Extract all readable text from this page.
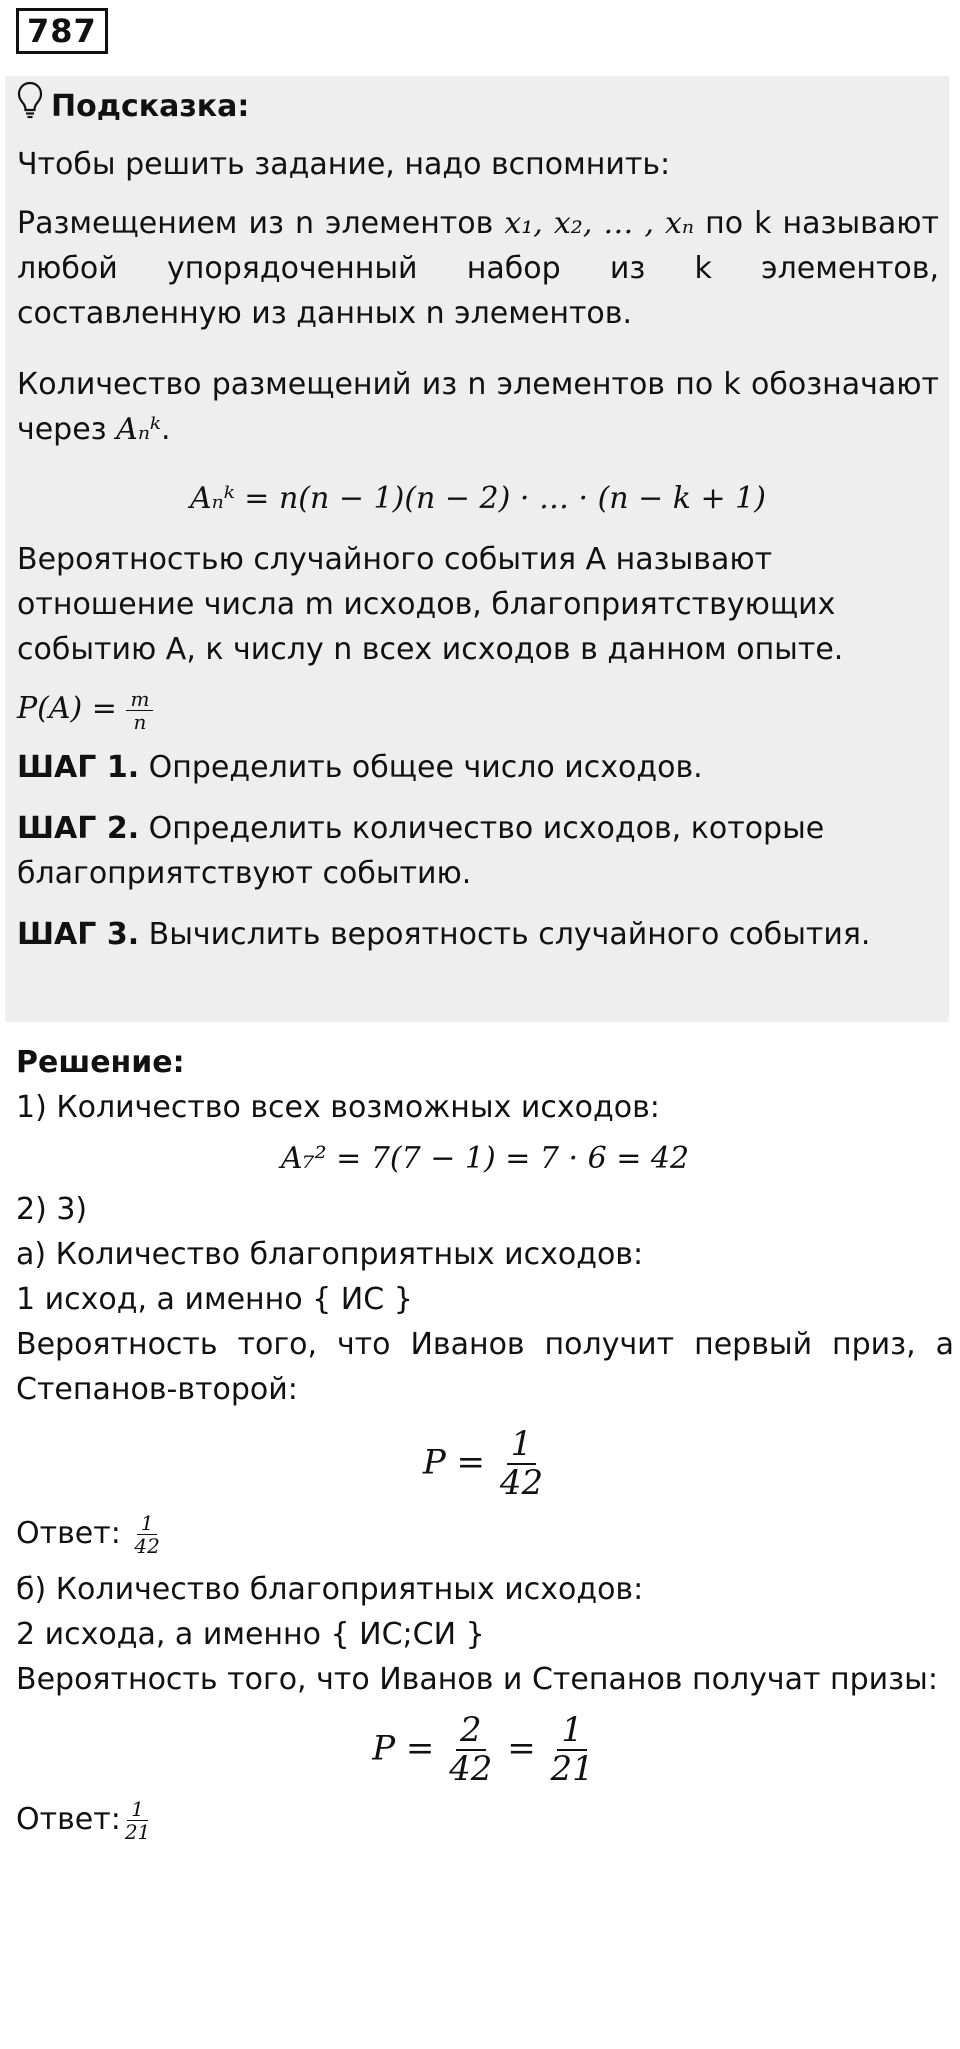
787
Подсказка:

Чтобы решить задание, надо вспомнить:

Размещением из n элементов x₁, x₂, … , xₙ по k называют любой упорядоченный набор из k элементов, составленную из данных n элементов.

Количество размещений из n элементов по k обозначают через Aₙᵏ.

Aₙᵏ = n(n − 1)(n − 2) · … · (n − k + 1)

Вероятностью случайного события A называют отношение числа m исходов, благоприятствующих событию A, к числу n всех исходов в данном опыте.

$P(A) = \frac{m}{n}$

ШАГ 1. Определить общее число исходов.

ШАГ 2. Определить количество исходов, которые благоприятствуют событию.

ШАГ 3. Вычислить вероятность случайного события.

Решение:

1) Количество всех возможных исходов:

A₇² = 7(7 − 1) = 7 · 6 = 42

2) 3)

а) Количество благоприятных исходов:

1 исход, а именно { ИС }

Вероятность того, что Иванов получит первый приз, а Степанов-второй:

$P = \frac{1}{42}$

Ответ: $\frac{1}{42}$

б) Количество благоприятных исходов:

2 исхода, а именно { ИС;СИ }

Вероятность того, что Иванов и Степанов получат призы:

$P = \frac{2}{42} = \frac{1}{21}$

Ответ: $\frac{1}{21}$
